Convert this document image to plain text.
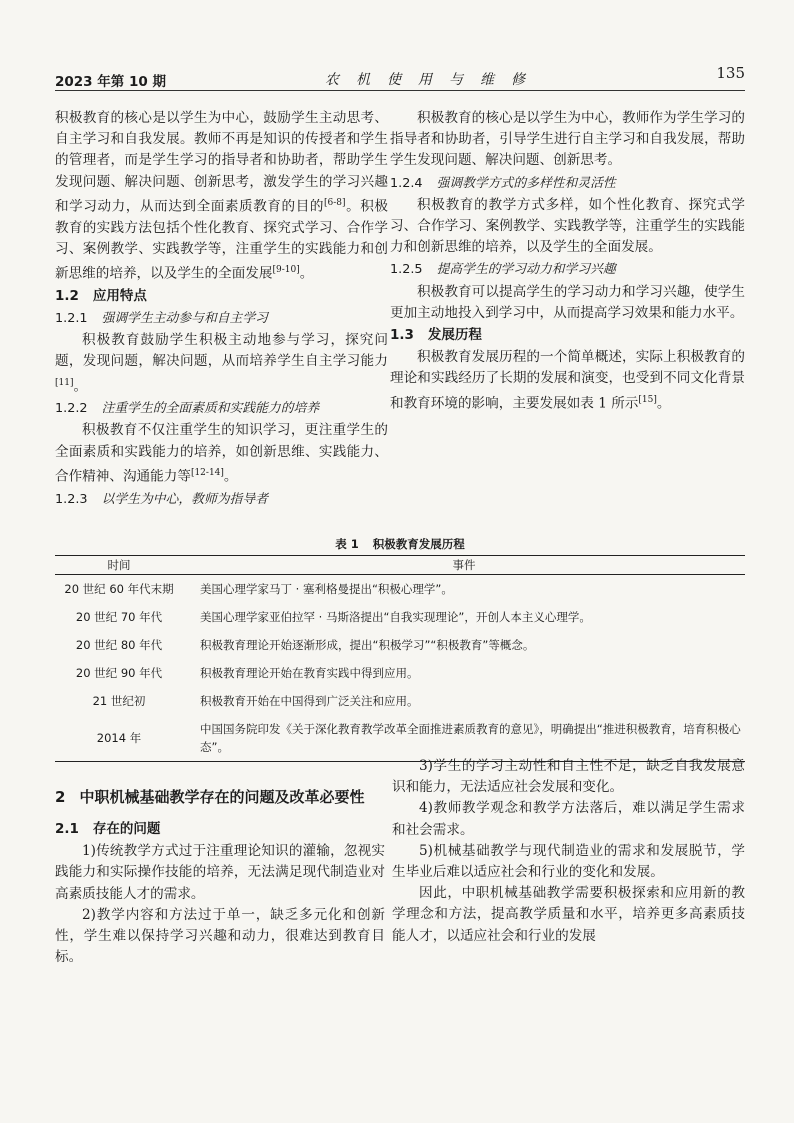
2023 年第 10 期	农机使用与维修	135

积极教育的核心是以学生为中心，鼓励学生主动思考、自主学习和自我发展。教师不再是知识的传授者和学生的管理者，而是学生学习的指导者和协助者，帮助学生发现问题、解决问题、创新思考，激发学生的学习兴趣和学习动力，从而达到全面素质教育的目的[6-8]。积极教育的实践方法包括个性化教育、探究式学习、合作学习、案例教学、实践教学等，注重学生的实践能力和创新思维的培养，以及学生的全面发展[9-10]。

1.2 应用特点
1.2.1 强调学生主动参与和自主学习

积极教育鼓励学生积极主动地参与学习，探究问题，发现问题，解决问题，从而培养学生自主学习能力[11]。

1.2.2 注重学生的全面素质和实践能力的培养

积极教育不仅注重学生的知识学习，更注重学生的全面素质和实践能力的培养，如创新思维、实践能力、合作精神、沟通能力等[12-14]。

1.2.3 以学生为中心，教师为指导者

积极教育的核心是以学生为中心，教师作为学生学习的指导者和协助者，引导学生进行自主学习和自我发展，帮助学生发现问题、解决问题、创新思考。

1.2.4 强调教学方式的多样性和灵活性

积极教育的教学方式多样，如个性化教育、探究式学习、合作学习、案例教学、实践教学等，注重学生的实践能力和创新思维的培养，以及学生的全面发展。

1.2.5 提高学生的学习动力和学习兴趣

积极教育可以提高学生的学习动力和学习兴趣，使学生更加主动地投入到学习中，从而提高学习效果和能力水平。

1.3 发展历程

积极教育发展历程的一个简单概述，实际上积极教育的理论和实践经历了长期的发展和演变，也受到不同文化背景和教育环境的影响，主要发展如表 1 所示[15]。

表 1 积极教育发展历程
时间	事件
20 世纪 60 年代末期	美国心理学家马丁 · 塞利格曼提出“积极心理学”。
20 世纪 70 年代	美国心理学家亚伯拉罕 · 马斯洛提出“自我实现理论”，开创人本主义心理学。
20 世纪 80 年代	积极教育理论开始逐渐形成，提出“积极学习”“积极教育”等概念。
20 世纪 90 年代	积极教育理论开始在教育实践中得到应用。
21 世纪初	积极教育开始在中国得到广泛关注和应用。
2014 年	中国国务院印发《关于深化教育教学改革全面推进素质教育的意见》，明确提出“推进积极教育，培育积极心态”。
2 中职机械基础教学存在的问题及改革必要性
2.1 存在的问题

1)传统教学方式过于注重理论知识的灌输，忽视实践能力和实际操作技能的培养，无法满足现代制造业对高素质技能人才的需求。

2)教学内容和方法过于单一，缺乏多元化和创新性，学生难以保持学习兴趣和动力，很难达到教育目标。

3)学生的学习主动性和自主性不足，缺乏自我发展意识和能力，无法适应社会发展和变化。

4)教师教学观念和教学方法落后，难以满足学生需求和社会需求。

5)机械基础教学与现代制造业的需求和发展脱节，学生毕业后难以适应社会和行业的变化和发展。

因此，中职机械基础教学需要积极探索和应用新的教学理念和方法，提高教学质量和水平，培养更多高素质技能人才，以适应社会和行业的发展
